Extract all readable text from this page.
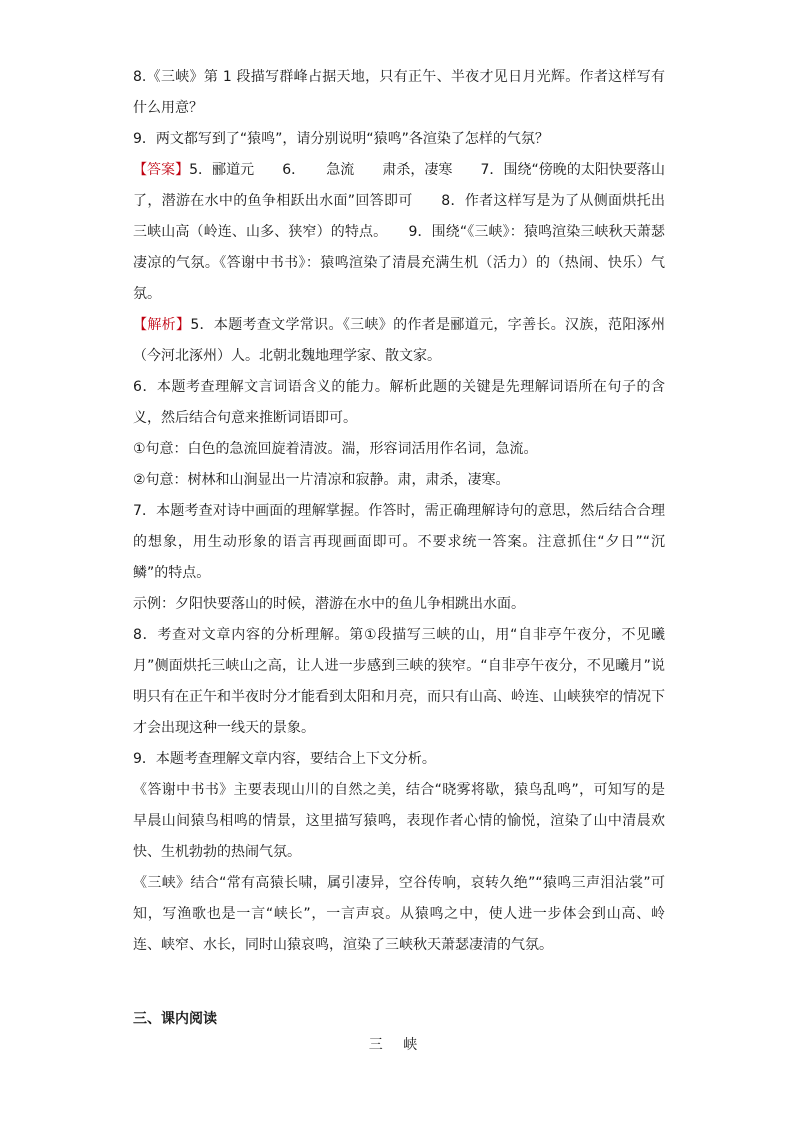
8.《三峡》第 1 段描写群峰占据天地，只有正午、半夜才见日月光辉。作者这样写有什么用意？

9．两文都写到了“猿鸣”，请分别说明“猿鸣”各渲染了怎样的气氛？

【答案】5．郦道元　　6．　　急流　　肃杀，凄寒　　7．围绕“傍晚的太阳快要落山了，潜游在水中的鱼争相跃出水面”回答即可　　8．作者这样写是为了从侧面烘托出三峡山高（岭连、山多、狭窄）的特点。　　9．围绕“《三峡》：猿鸣渲染三峡秋天萧瑟凄凉的气氛。《答谢中书书》：猿鸣渲染了清晨充满生机（活力）的（热闹、快乐）气氛。

【解析】5．本题考查文学常识。《三峡》的作者是郦道元，字善长。汉族，范阳涿州（今河北涿州）人。北朝北魏地理学家、散文家。

6．本题考查理解文言词语含义的能力。解析此题的关键是先理解词语所在句子的含义，然后结合句意来推断词语即可。

①句意：白色的急流回旋着清波。湍，形容词活用作名词，急流。

②句意：树林和山涧显出一片清凉和寂静。肃，肃杀，凄寒。

7．本题考查对诗中画面的理解掌握。作答时，需正确理解诗句的意思，然后结合合理的想象，用生动形象的语言再现画面即可。不要求统一答案。注意抓住“夕日”“沉鳞”的特点。

示例：夕阳快要落山的时候，潜游在水中的鱼儿争相跳出水面。

8．考查对文章内容的分析理解。第①段描写三峡的山，用“自非亭午夜分，不见曦月”侧面烘托三峡山之高，让人进一步感到三峡的狭窄。“自非亭午夜分，不见曦月”说明只有在正午和半夜时分才能看到太阳和月亮，而只有山高、岭连、山峡狭窄的情况下才会出现这种一线天的景象。

9．本题考查理解文章内容，要结合上下文分析。

《答谢中书书》主要表现山川的自然之美，结合“晓雾将歇，猿鸟乱鸣”，可知写的是早晨山间猿鸟相鸣的情景，这里描写猿鸣，表现作者心情的愉悦，渲染了山中清晨欢快、生机勃勃的热闹气氛。

《三峡》结合“常有高猿长啸，属引凄异，空谷传响，哀转久绝”“猿鸣三声泪沾裳”可知，写渔歌也是一言“峡长”，一言声哀。从猿鸣之中，使人进一步体会到山高、岭连、峡窄、水长，同时山猿哀鸣，渲染了三峡秋天萧瑟凄清的气氛。

三、课内阅读
三 峡
